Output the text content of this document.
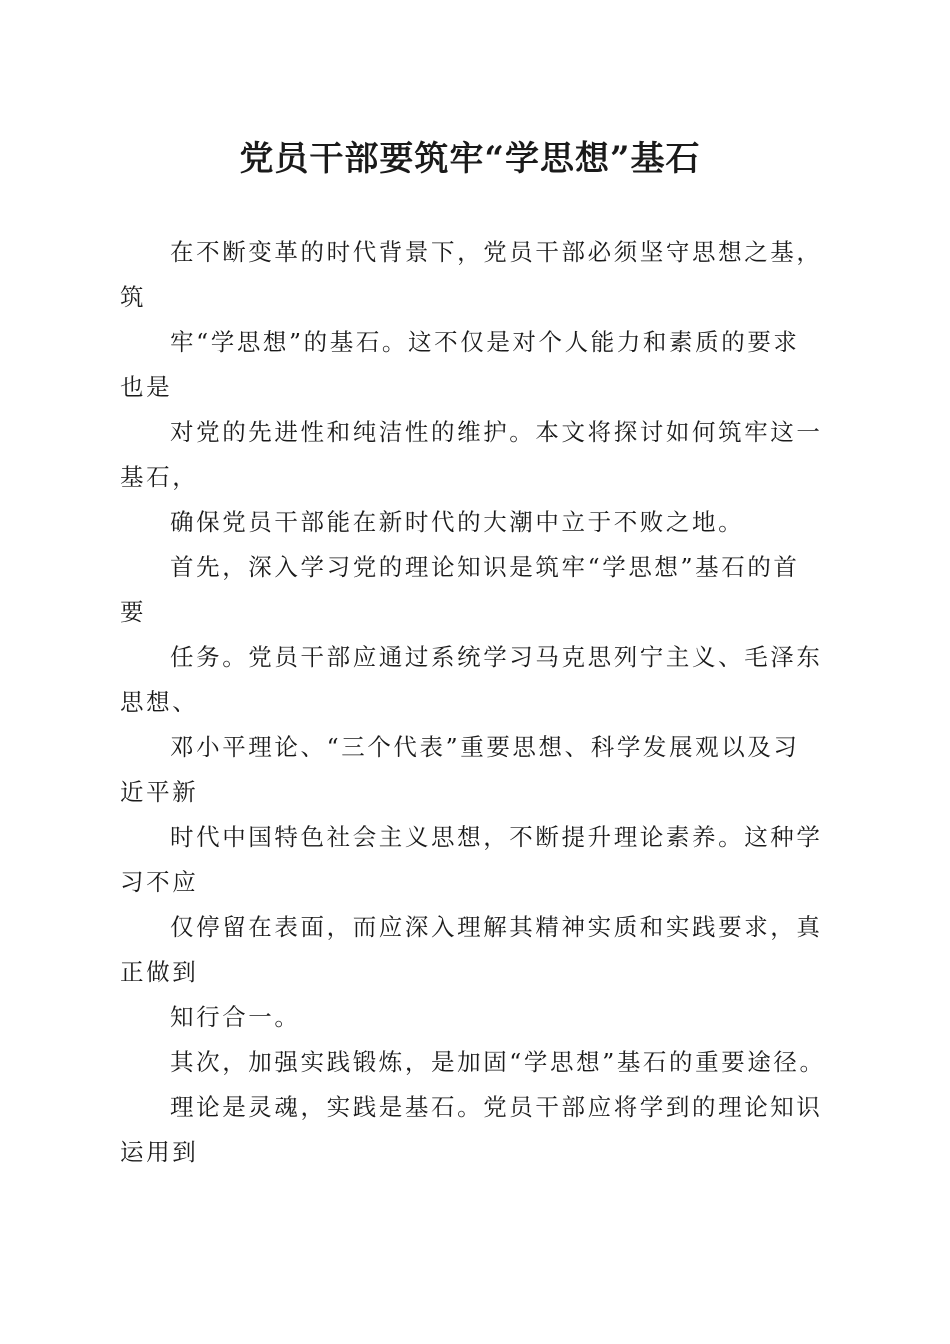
党员干部要筑牢“学思想”基石

在不断变革的时代背景下，党员干部必须坚守思想之基，
筑

牢“学思想”的基石。这不仅是对个人能力和素质的要求
也是

对党的先进性和纯洁性的维护。本文将探讨如何筑牢这一
基石，

确保党员干部能在新时代的大潮中立于不败之地。

首先，深入学习党的理论知识是筑牢“学思想”基石的首
要

任务。党员干部应通过系统学习马克思列宁主义、毛泽东
思想、

邓小平理论、“三个代表”重要思想、科学发展观以及习
近平新

时代中国特色社会主义思想，不断提升理论素养。这种学
习不应

仅停留在表面，而应深入理解其精神实质和实践要求，真
正做到

知行合一。

其次，加强实践锻炼，是加固“学思想”基石的重要途径。

理论是灵魂，实践是基石。党员干部应将学到的理论知识
运用到
